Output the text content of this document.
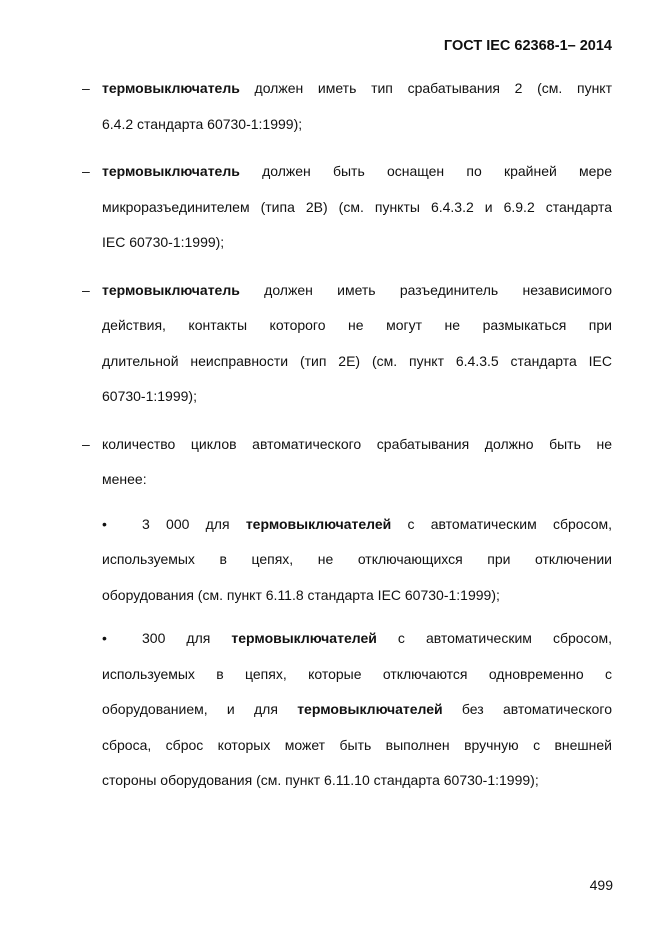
ГОСТ IEC 62368-1– 2014
– термовыключатель должен иметь тип срабатывания 2 (см. пункт
6.4.2 стандарта 60730-1:1999);
– термовыключатель должен быть оснащен по крайней мере
микроразъединителем (типа 2В) (см. пункты 6.4.3.2 и 6.9.2 стандарта
IEC 60730-1:1999);
– термовыключатель должен иметь разъединитель независимого
действия, контакты которого не могут не размыкаться при
длительной неисправности (тип 2Е) (см. пункт 6.4.3.5 стандарта IEC
60730-1:1999);
– количество циклов автоматического срабатывания должно быть не
менее:
•	3 000 для термовыключателей с автоматическим сбросом,
используемых в цепях, не отключающихся при отключении
оборудования (см. пункт 6.11.8 стандарта IEC 60730-1:1999);
•	300 для термовыключателей с автоматическим сбросом,
используемых в цепях, которые отключаются одновременно с
оборудованием, и для термовыключателей без автоматического
сброса, сброс которых может быть выполнен вручную с внешней
стороны оборудования (см. пункт 6.11.10 стандарта 60730-1:1999);
499
